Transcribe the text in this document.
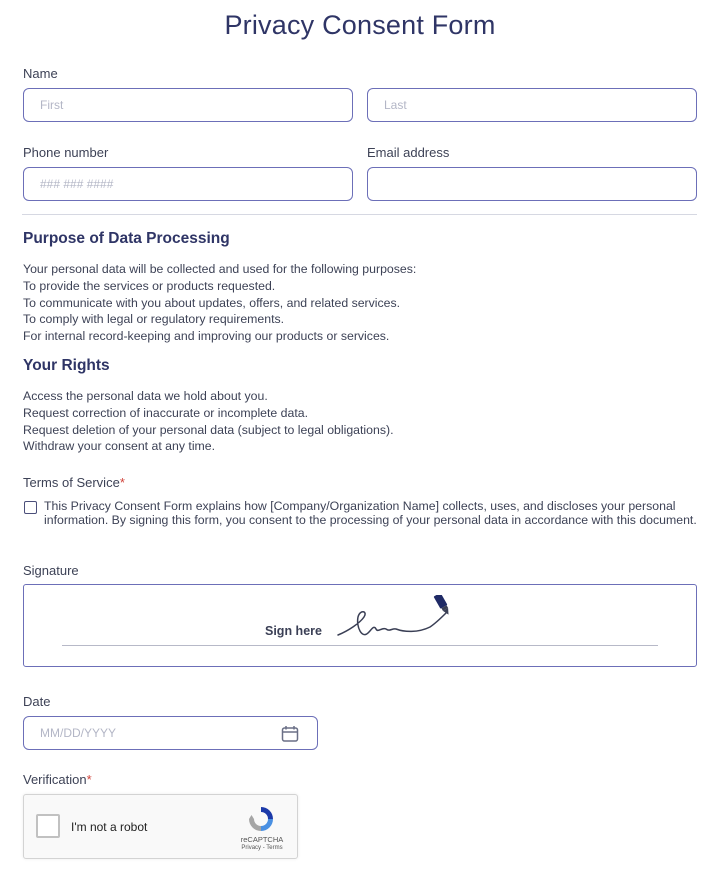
Privacy Consent Form
Name
First	Last
Phone number
### ### ####
Email address
Purpose of Data Processing
Your personal data will be collected and used for the following purposes:
To provide the services or products requested.
To communicate with you about updates, offers, and related services.
To comply with legal or regulatory requirements.
For internal record-keeping and improving our products or services.
Your Rights
Access the personal data we hold about you.
Request correction of inaccurate or incomplete data.
Request deletion of your personal data (subject to legal obligations).
Withdraw your consent at any time.
Terms of Service*
This Privacy Consent Form explains how [Company/Organization Name] collects, uses, and discloses your personal information. By signing this form, you consent to the processing of your personal data in accordance with this document.
Signature
Sign here
Date
MM/DD/YYYY
Verification*
I'm not a robot
reCAPTCHA
Privacy - Terms
